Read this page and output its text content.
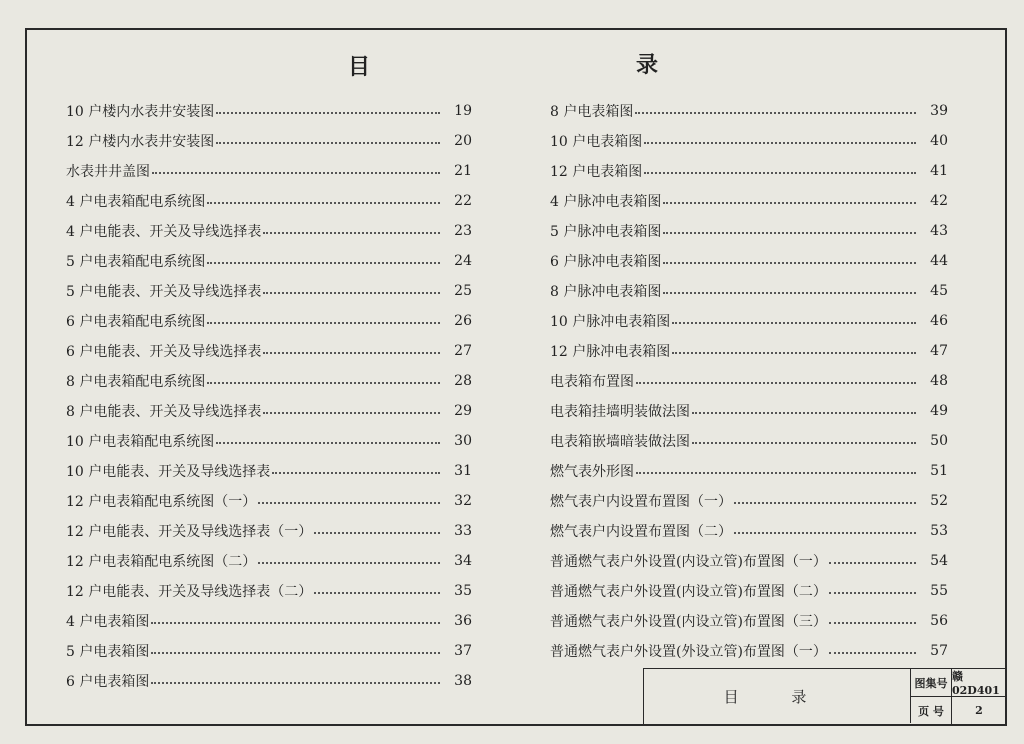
目	录
10 户楼内水表井安装图	19
12 户楼内水表井安装图	20
水表井井盖图	21
4 户电表箱配电系统图	22
4 户电能表、开关及导线选择表	23
5 户电表箱配电系统图	24
5 户电能表、开关及导线选择表	25
6 户电表箱配电系统图	26
6 户电能表、开关及导线选择表	27
8 户电表箱配电系统图	28
8 户电能表、开关及导线选择表	29
10 户电表箱配电系统图	30
10 户电能表、开关及导线选择表	31
12 户电表箱配电系统图（一）	32
12 户电能表、开关及导线选择表（一）	33
12 户电表箱配电系统图（二）	34
12 户电能表、开关及导线选择表（二）	35
4 户电表箱图	36
5 户电表箱图	37
6 户电表箱图	38
8 户电表箱图	39
10 户电表箱图	40
12 户电表箱图	41
4 户脉冲电表箱图	42
5 户脉冲电表箱图	43
6 户脉冲电表箱图	44
8 户脉冲电表箱图	45
10 户脉冲电表箱图	46
12 户脉冲电表箱图	47
电表箱布置图	48
电表箱挂墙明装做法图	49
电表箱嵌墙暗装做法图	50
燃气表外形图	51
燃气表户内设置布置图（一）	52
燃气表户内设置布置图（二）	53
普通燃气表户外设置(内设立管)布置图（一）	54
普通燃气表户外设置(内设立管)布置图（二）	55
普通燃气表户外设置(内设立管)布置图（三）	56
普通燃气表户外设置(外设立管)布置图（一）	57
目 录
图集号 赣02D401
页 号	2
